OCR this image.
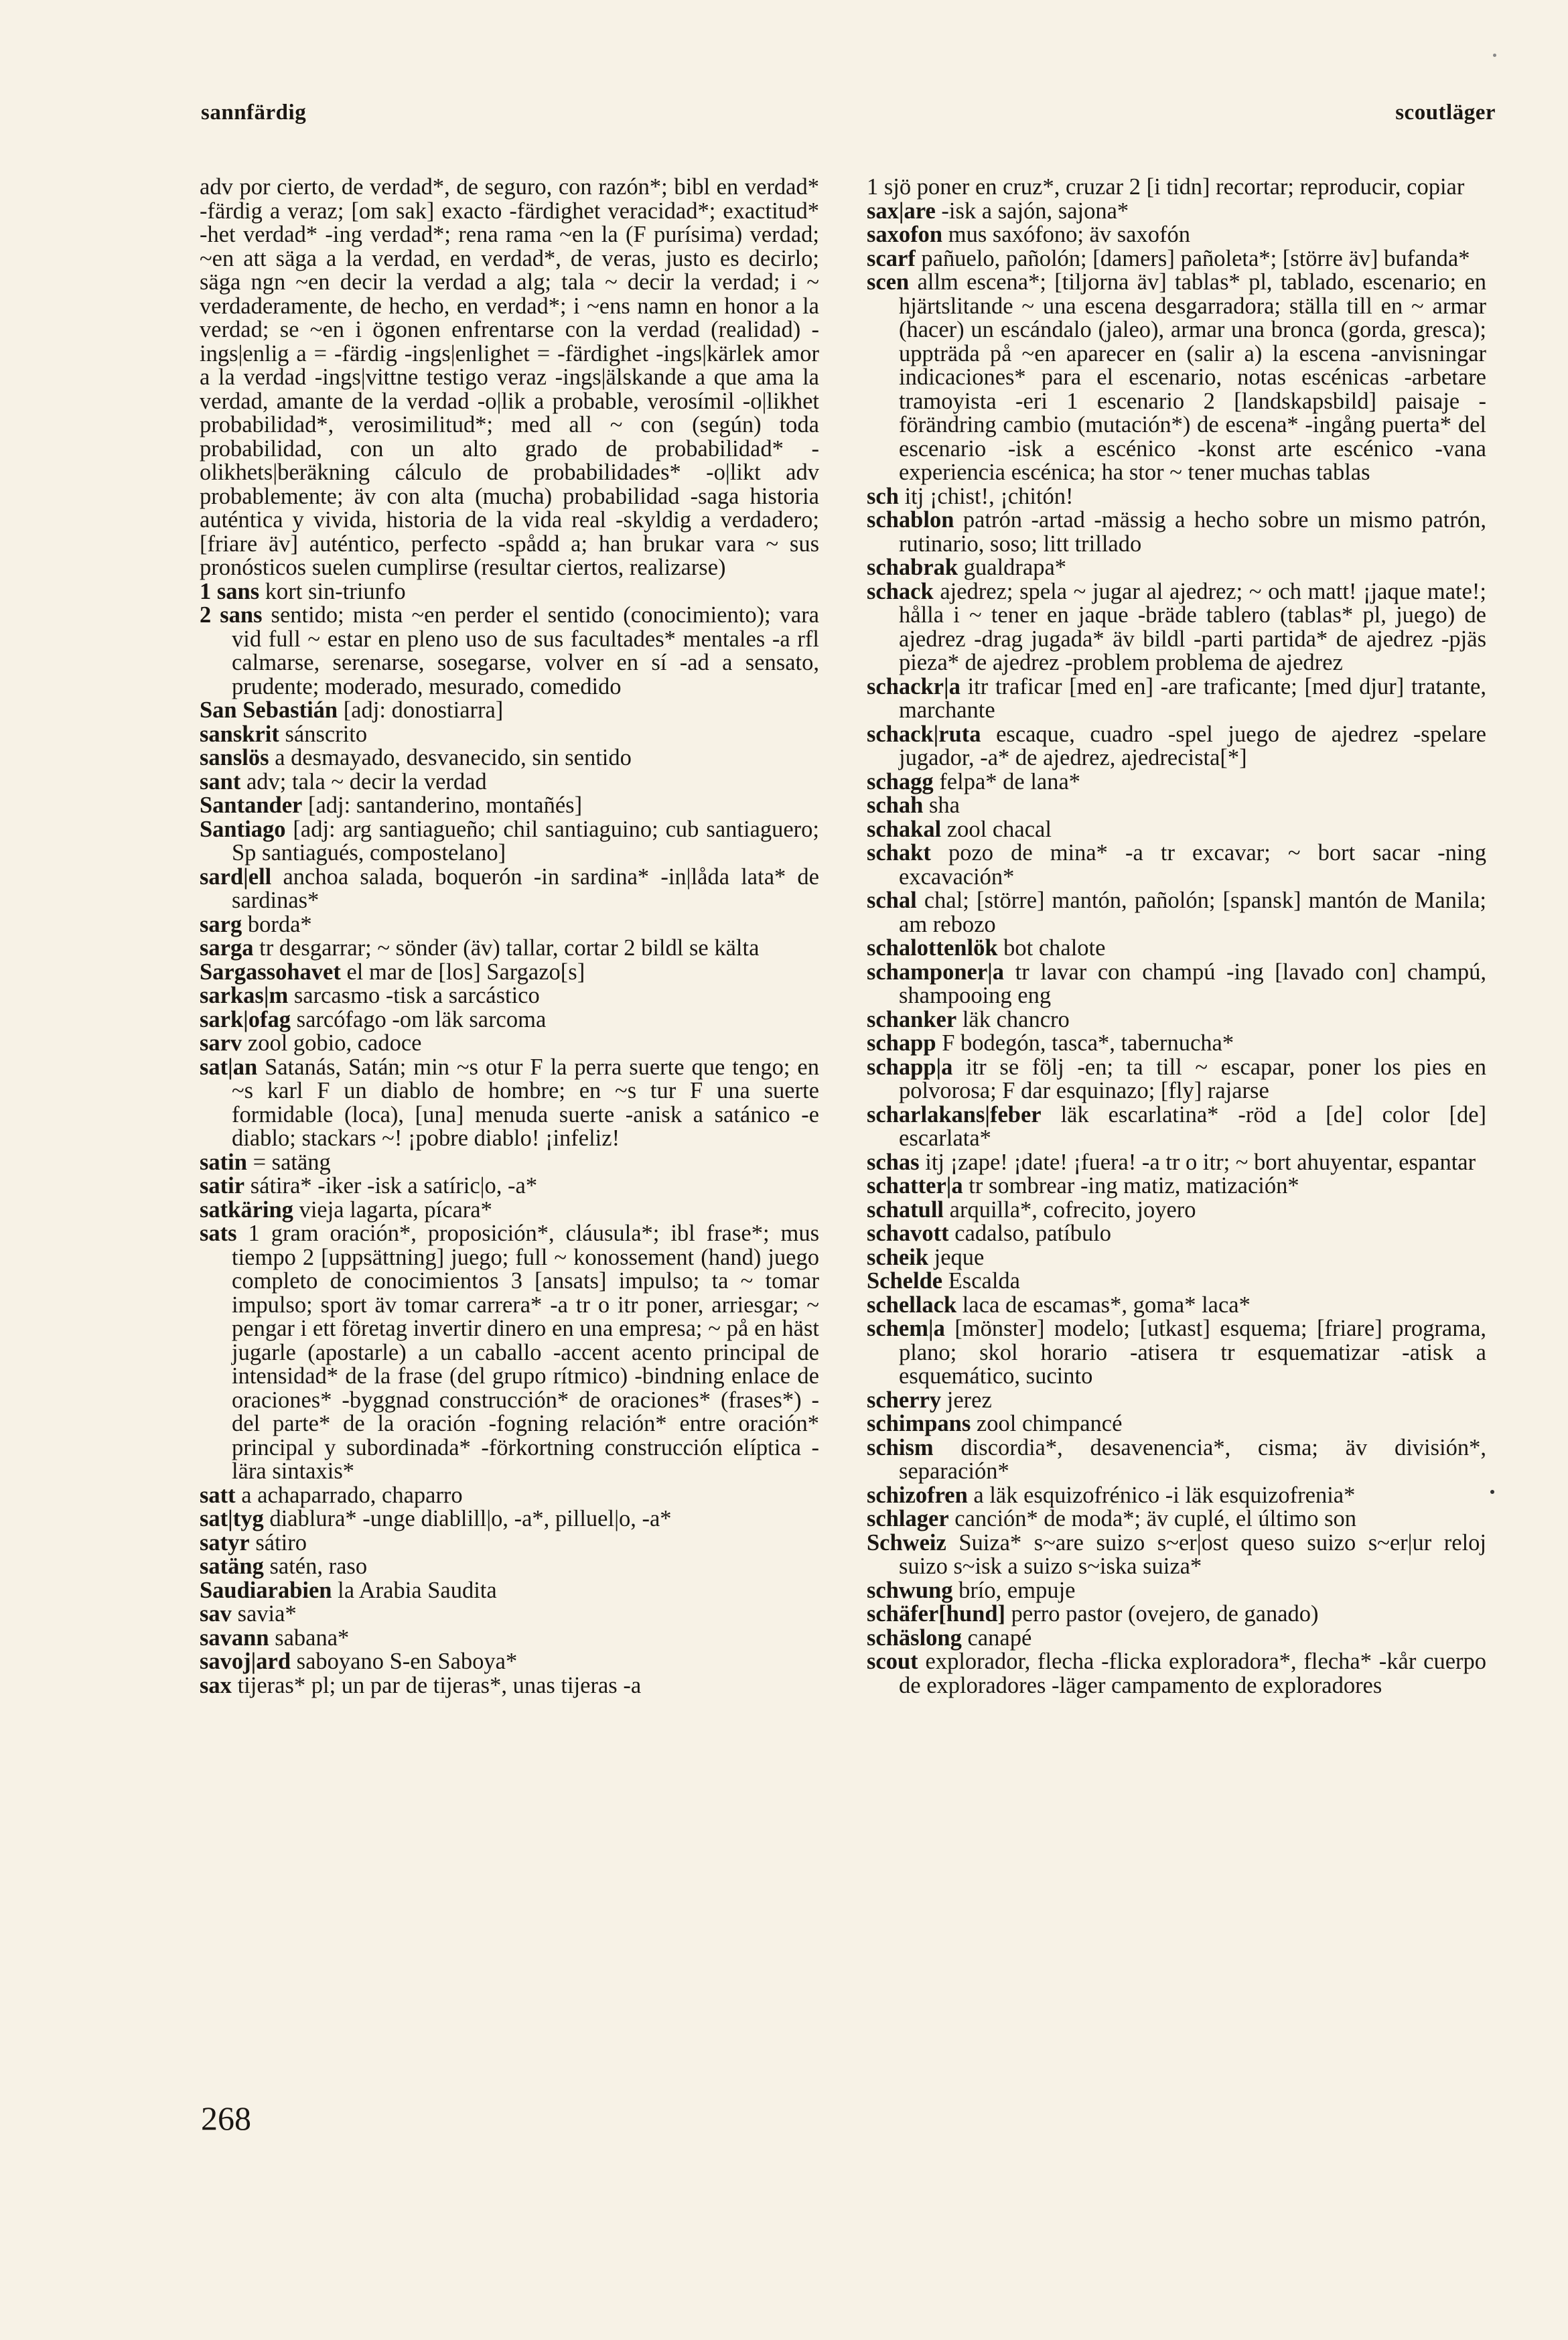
sannfärdig	scoutläger

adv por cierto, de verdad*, de seguro, con razón*; bibl en verdad* -färdig a veraz; [om sak] exacto -färdighet veracidad*; exactitud* -het verdad* -ing verdad*; rena rama ~en la (F purísima) verdad; ~en att säga a la verdad, en verdad*, de veras, justo es decirlo; säga ngn ~en decir la verdad a alg; tala ~ decir la verdad; i ~ verdaderamente, de hecho, en verdad*; i ~ens namn en honor a la verdad; se ~en i ögonen enfrentarse con la verdad (realidad) -ings|enlig a = -färdig -ings|enlighet = -färdighet -ings|kärlek amor a la verdad -ings|vittne testigo veraz -ings|älskande a que ama la verdad, amante de la verdad -o|lik a probable, verosímil -o|likhet probabilidad*, verosimilitud*; med all ~ con (según) toda probabilidad, con un alto grado de probabilidad* -olikhets|beräkning cálculo de probabilidades* -o|likt adv probablemente; äv con alta (mucha) probabilidad -saga historia auténtica y vivida, historia de la vida real -skyldig a verdadero; [friare äv] auténtico, perfecto -spådd a; han brukar vara ~ sus pronósticos suelen cumplirse (resultar ciertos, realizarse)

1 sans kort sin-triunfo

2 sans sentido; mista ~en perder el sentido (conocimiento); vara vid full ~ estar en pleno uso de sus facultades* mentales -a rfl calmarse, serenarse, sosegarse, volver en sí -ad a sensato, prudente; moderado, mesurado, comedido

San Sebastián [adj: donostiarra]

sanskrit sánscrito

sanslös a desmayado, desvanecido, sin sentido

sant adv; tala ~ decir la verdad

Santander [adj: santanderino, montañés]

Santiago [adj: arg santiagueño; chil santiaguino; cub santiaguero; Sp santiagués, compostelano]

sard|ell anchoa salada, boquerón -in sardina* -in|låda lata* de sardinas*

sarg borda*

sarga tr desgarrar; ~ sönder (äv) tallar, cortar 2 bildl se kälta

Sargassohavet el mar de [los] Sargazo[s]

sarkas|m sarcasmo -tisk a sarcástico

sark|ofag sarcófago -om läk sarcoma

sarv zool gobio, cadoce

sat|an Satanás, Satán; min ~s otur F la perra suerte que tengo; en ~s karl F un diablo de hombre; en ~s tur F una suerte formidable (loca), [una] menuda suerte -anisk a satánico -e diablo; stackars ~! ¡pobre diablo! ¡infeliz!

satin = satäng

satir sátira* -iker -isk a satíric|o, -a*

satkäring vieja lagarta, pícara*

sats 1 gram oración*, proposición*, cláusula*; ibl frase*; mus tiempo 2 [uppsättning] juego; full ~ konossement (hand) juego completo de conocimientos 3 [ansats] impulso; ta ~ tomar impulso; sport äv tomar carrera* -a tr o itr poner, arriesgar; ~ pengar i ett företag invertir dinero en una empresa; ~ på en häst jugarle (apostarle) a un caballo -accent acento principal de intensidad* de la frase (del grupo rítmico) -bindning enlace de oraciones* -byggnad construcción* de oraciones* (frases*) -del parte* de la oración -fogning relación* entre oración* principal y subordinada* -förkortning construcción elíptica -lära sintaxis*

satt a achaparrado, chaparro

sat|tyg diablura* -unge diablill|o, -a*, pilluel|o, -a*

satyr sátiro

satäng satén, raso

Saudiarabien la Arabia Saudita

sav savia*

savann sabana*

savoj|ard saboyano S-en Saboya*

sax tijeras* pl; un par de tijeras*, unas tijeras -a

1 sjö poner en cruz*, cruzar 2 [i tidn] recortar; reproducir, copiar

sax|are -isk a sajón, sajona*

saxofon mus saxófono; äv saxofón

scarf pañuelo, pañolón; [damers] pañoleta*; [större äv] bufanda*

scen allm escena*; [tiljorna äv] tablas* pl, tablado, escenario; en hjärtslitande ~ una escena desgarradora; ställa till en ~ armar (hacer) un escándalo (jaleo), armar una bronca (gorda, gresca); uppträda på ~en aparecer en (salir a) la escena -anvisningar indicaciones* para el escenario, notas escénicas -arbetare tramoyista -eri 1 escenario 2 [landskapsbild] paisaje -förändring cambio (mutación*) de escena* -ingång puerta* del escenario -isk a escénico -konst arte escénico -vana experiencia escénica; ha stor ~ tener muchas tablas

sch itj ¡chist!, ¡chitón!

schablon patrón -artad -mässig a hecho sobre un mismo patrón, rutinario, soso; litt trillado

schabrak gualdrapa*

schack ajedrez; spela ~ jugar al ajedrez; ~ och matt! ¡jaque mate!; hålla i ~ tener en jaque -bräde tablero (tablas* pl, juego) de ajedrez -drag jugada* äv bildl -parti partida* de ajedrez -pjäs pieza* de ajedrez -problem problema de ajedrez

schackr|a itr traficar [med en] -are traficante; [med djur] tratante, marchante

schack|ruta escaque, cuadro -spel juego de ajedrez -spelare jugador, -a* de ajedrez, ajedrecista[*]

schagg felpa* de lana*

schah sha

schakal zool chacal

schakt pozo de mina* -a tr excavar; ~ bort sacar -ning excavación*

schal chal; [större] mantón, pañolón; [spansk] mantón de Manila; am rebozo

schalottenlök bot chalote

schamponer|a tr lavar con champú -ing [lavado con] champú, shampooing eng

schanker läk chancro

schapp F bodegón, tasca*, tabernucha*

schapp|a itr se följ -en; ta till ~ escapar, poner los pies en polvorosa; F dar esquinazo; [fly] rajarse

scharlakans|feber läk escarlatina* -röd a [de] color [de] escarlata*

schas itj ¡zape! ¡date! ¡fuera! -a tr o itr; ~ bort ahuyentar, espantar

schatter|a tr sombrear -ing matiz, matización*

schatull arquilla*, cofrecito, joyero

schavott cadalso, patíbulo

scheik jeque

Schelde Escalda

schellack laca de escamas*, goma* laca*

schem|a [mönster] modelo; [utkast] esquema; [friare] programa, plano; skol horario -atisera tr esquematizar -atisk a esquemático, sucinto

scherry jerez

schimpans zool chimpancé

schism discordia*, desavenencia*, cisma; äv división*, separación*

schizofren a läk esquizofrénico -i läk esquizofrenia*

schlager canción* de moda*; äv cuplé, el último son

Schweiz Suiza* s~are suizo s~er|ost queso suizo s~er|ur reloj suizo s~isk a suizo s~iska suiza*

schwung brío, empuje

schäfer[hund] perro pastor (ovejero, de ganado)

schäslong canapé

scout explorador, flecha -flicka exploradora*, flecha* -kår cuerpo de exploradores -läger campamento de exploradores

268
